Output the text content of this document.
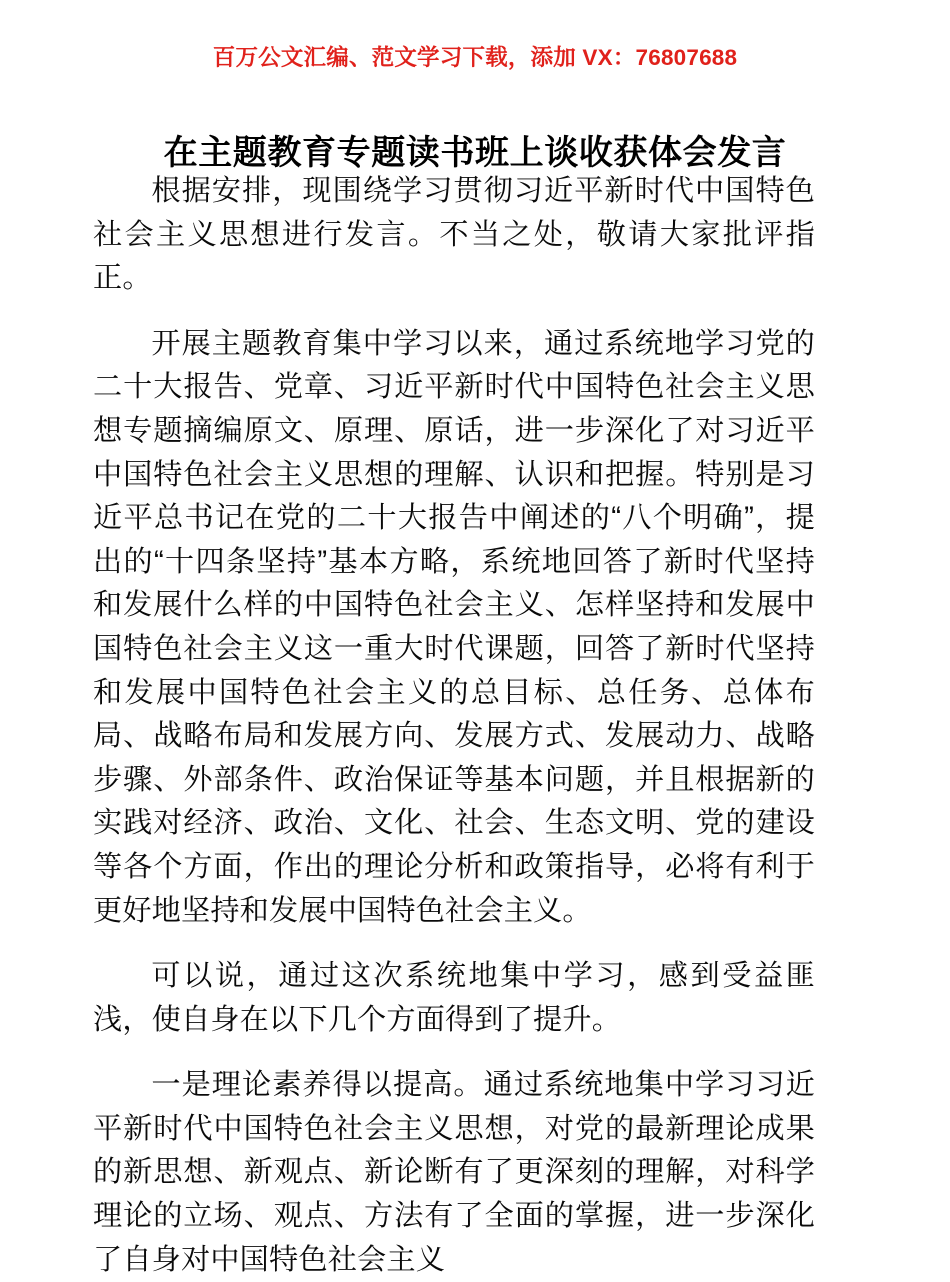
百万公文汇编、范文学习下载，添加 VX：76807688
在主题教育专题读书班上谈收获体会发言

根据安排，现围绕学习贯彻习近平新时代中国特色社会主义思想进行发言。不当之处，敬请大家批评指正。

开展主题教育集中学习以来，通过系统地学习党的二十大报告、党章、习近平新时代中国特色社会主义思想专题摘编原文、原理、原话，进一步深化了对习近平中国特色社会主义思想的理解、认识和把握。特别是习近平总书记在党的二十大报告中阐述的“八个明确”，提出的“十四条坚持”基本方略，系统地回答了新时代坚持和发展什么样的中国特色社会主义、怎样坚持和发展中国特色社会主义这一重大时代课题，回答了新时代坚持和发展中国特色社会主义的总目标、总任务、总体布局、战略布局和发展方向、发展方式、发展动力、战略步骤、外部条件、政治保证等基本问题，并且根据新的实践对经济、政治、文化、社会、生态文明、党的建设等各个方面，作出的理论分析和政策指导，必将有利于更好地坚持和发展中国特色社会主义。

可以说，通过这次系统地集中学习，感到受益匪浅，使自身在以下几个方面得到了提升。

一是理论素养得以提高。通过系统地集中学习习近平新时代中国特色社会主义思想，对党的最新理论成果的新思想、新观点、新论断有了更深刻的理解，对科学理论的立场、观点、方法有了全面的掌握，进一步深化了自身对中国特色社会主义
